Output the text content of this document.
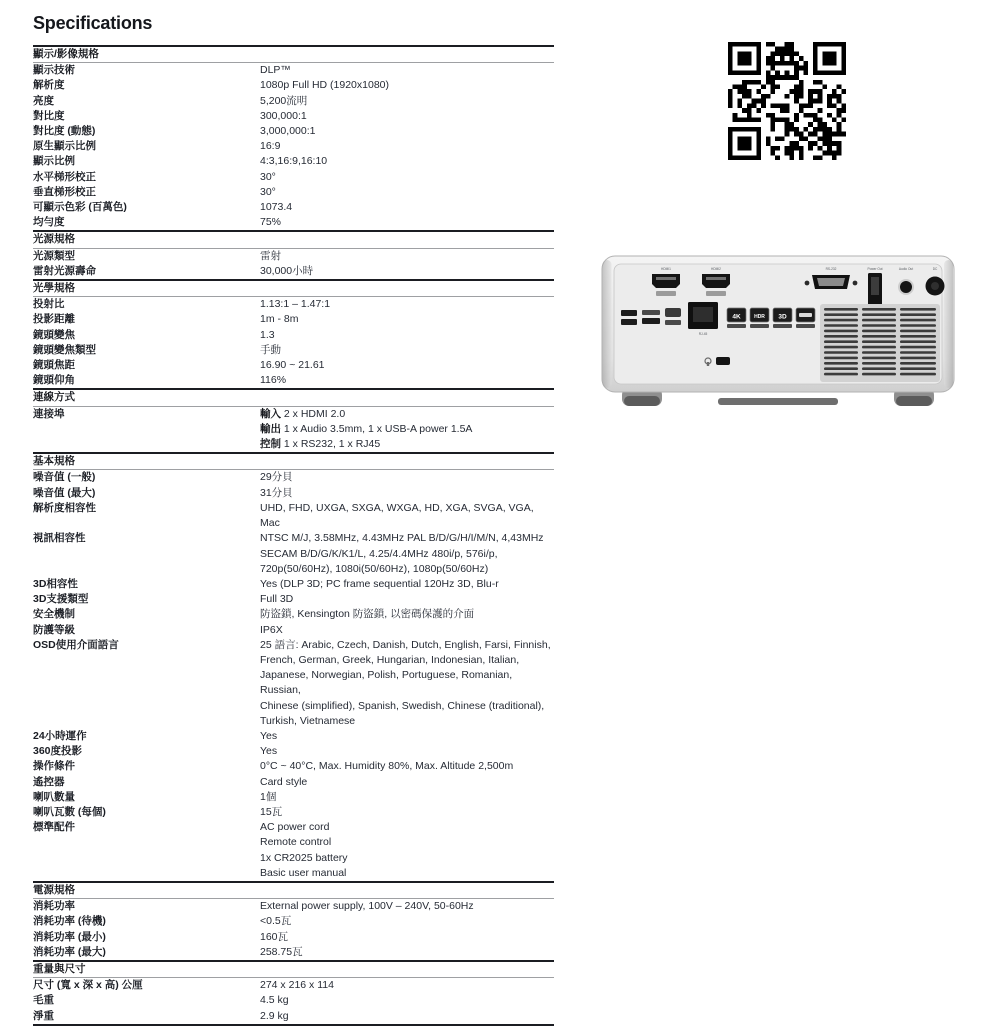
Specifications
顯示/影像規格
顯示技術	DLP™
解析度	1080p Full HD (1920x1080)
亮度	5,200流明
對比度	300,000:1
對比度 (動態)	3,000,000:1
原生顯示比例	16:9
顯示比例	4:3,16:9,16:10
水平梯形校正	30°
垂直梯形校正	30°
可顯示色彩 (百萬色)	1073.4
均勻度	75%
光源規格
光源類型	雷射
雷射光源壽命	30,000小時
光學規格
投射比	1.13:1 – 1.47:1
投影距離	1m - 8m
鏡頭變焦	1.3
鏡頭變焦類型	手動
鏡頭焦距	16.90 ~ 21.61
鏡頭仰角	116%
連線方式
連接埠	輸入 2 x HDMI 2.0
輸出 1 x Audio 3.5mm, 1 x USB-A power 1.5A
控制 1 x RS232, 1 x RJ45
基本規格
噪音值 (一般)	29分貝
噪音值 (最大)	31分貝
解析度相容性	UHD, FHD, UXGA, SXGA, WXGA, HD, XGA, SVGA, VGA, Mac
視訊相容性	NTSC M/J, 3.58MHz, 4.43MHz PAL B/D/G/H/I/M/N, 4,43MHz
SECAM B/D/G/K/K1/L, 4.25/4.4MHz 480i/p, 576i/p,
720p(50/60Hz), 1080i(50/60Hz), 1080p(50/60Hz)
3D相容性	Yes (DLP 3D; PC frame sequential 120Hz 3D, Blu-r
3D支援類型	Full 3D
安全機制	防盜鎖, Kensington 防盜鎖, 以密碼保護的介面
防護等級	IP6X
OSD使用介面語言	25 語言: Arabic, Czech, Danish, Dutch, English, Farsi, Finnish,
French, German, Greek, Hungarian, Indonesian, Italian,
Japanese, Norwegian, Polish, Portuguese, Romanian, Russian,
Chinese (simplified), Spanish, Swedish, Chinese (traditional),
Turkish, Vietnamese
24小時運作	Yes
360度投影	Yes
操作條件	0°C ~ 40°C, Max. Humidity 80%, Max. Altitude 2,500m
遙控器	Card style
喇叭數量	1個
喇叭瓦數 (每個)	15瓦
標準配件	AC power cord
Remote control
1x CR2025 battery
Basic user manual
電源規格
消耗功率	External power supply, 100V – 240V, 50-60Hz
消耗功率 (待機)	<0.5瓦
消耗功率 (最小)	160瓦
消耗功率 (最大)	258.75瓦
重量與尺寸
尺寸 (寬 x 深 x 高) 公厘	274 x 216 x 114
毛重	4.5 kg
淨重	2.9 kg
HDMI1	HDMI2	RS-232	Power Out	Audio Out	DC
RJ-45
4K	HDR 3D
